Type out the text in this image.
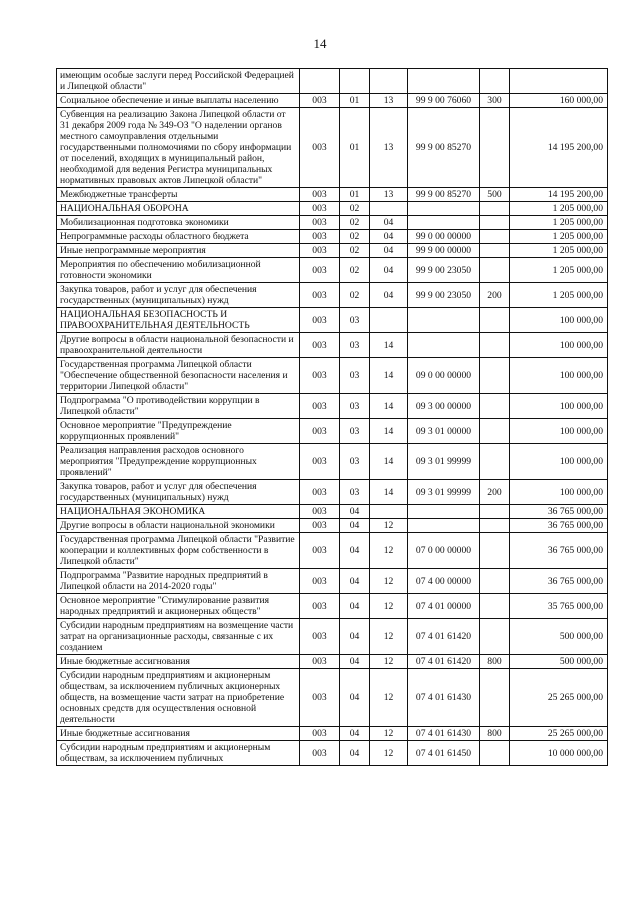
14
имеющим особые заслуги перед Российской Федерацией и Липецкой области"						
Социальное обеспечение и иные выплаты населению	003	01	13	99 9 00 76060	300	160 000,00
Субвенция на реализацию Закона Липецкой области от 31 декабря 2009 года № 349-ОЗ "О наделении органов местного самоуправления отдельными государственными полномочиями по сбору информации от поселений, входящих в муниципальный район, необходимой для ведения Регистра муниципальных нормативных правовых актов Липецкой области"	003	01	13	99 9 00 85270		14 195 200,00
Межбюджетные трансферты	003	01	13	99 9 00 85270	500	14 195 200,00
НАЦИОНАЛЬНАЯ ОБОРОНА	003	02				1 205 000,00
Мобилизационная подготовка экономики	003	02	04			1 205 000,00
Непрограммные расходы областного бюджета	003	02	04	99 0 00 00000		1 205 000,00
Иные непрограммные мероприятия	003	02	04	99 9 00 00000		1 205 000,00
Мероприятия по обеспечению мобилизационной готовности экономики	003	02	04	99 9 00 23050		1 205 000,00
Закупка товаров, работ и услуг для обеспечения государственных (муниципальных) нужд	003	02	04	99 9 00 23050	200	1 205 000,00
НАЦИОНАЛЬНАЯ БЕЗОПАСНОСТЬ И ПРАВООХРАНИТЕЛЬНАЯ ДЕЯТЕЛЬНОСТЬ	003	03				100 000,00
Другие вопросы в области национальной безопасности и правоохранительной деятельности	003	03	14			100 000,00
Государственная программа Липецкой области "Обеспечение общественной безопасности населения и территории Липецкой области"	003	03	14	09 0 00 00000		100 000,00
Подпрограмма "О противодействии коррупции в Липецкой области"	003	03	14	09 3 00 00000		100 000,00
Основное мероприятие "Предупреждение коррупционных проявлений"	003	03	14	09 3 01 00000		100 000,00
Реализация направления расходов основного мероприятия "Предупреждение коррупционных проявлений"	003	03	14	09 3 01 99999		100 000,00
Закупка товаров, работ и услуг для обеспечения государственных (муниципальных) нужд	003	03	14	09 3 01 99999	200	100 000,00
НАЦИОНАЛЬНАЯ ЭКОНОМИКА	003	04				36 765 000,00
Другие вопросы в области национальной экономики	003	04	12			36 765 000,00
Государственная программа Липецкой области "Развитие кооперации и коллективных форм собственности в Липецкой области"	003	04	12	07 0 00 00000		36 765 000,00
Подпрограмма "Развитие народных предприятий в Липецкой области на 2014-2020 годы"	003	04	12	07 4 00 00000		36 765 000,00
Основное мероприятие "Стимулирование развития народных предприятий и акционерных обществ"	003	04	12	07 4 01 00000		35 765 000,00
Субсидии народным предприятиям на возмещение части затрат на организационные расходы, связанные с их созданием	003	04	12	07 4 01 61420		500 000,00
Иные бюджетные ассигнования	003	04	12	07 4 01 61420	800	500 000,00
Субсидии народным предприятиям и акционерным обществам, за исключением публичных акционерных обществ, на возмещение части затрат на приобретение основных средств для осуществления основной деятельности	003	04	12	07 4 01 61430		25 265 000,00
Иные бюджетные ассигнования	003	04	12	07 4 01 61430	800	25 265 000,00
Субсидии народным предприятиям и акционерным обществам, за исключением публичных	003	04	12	07 4 01 61450		10 000 000,00
